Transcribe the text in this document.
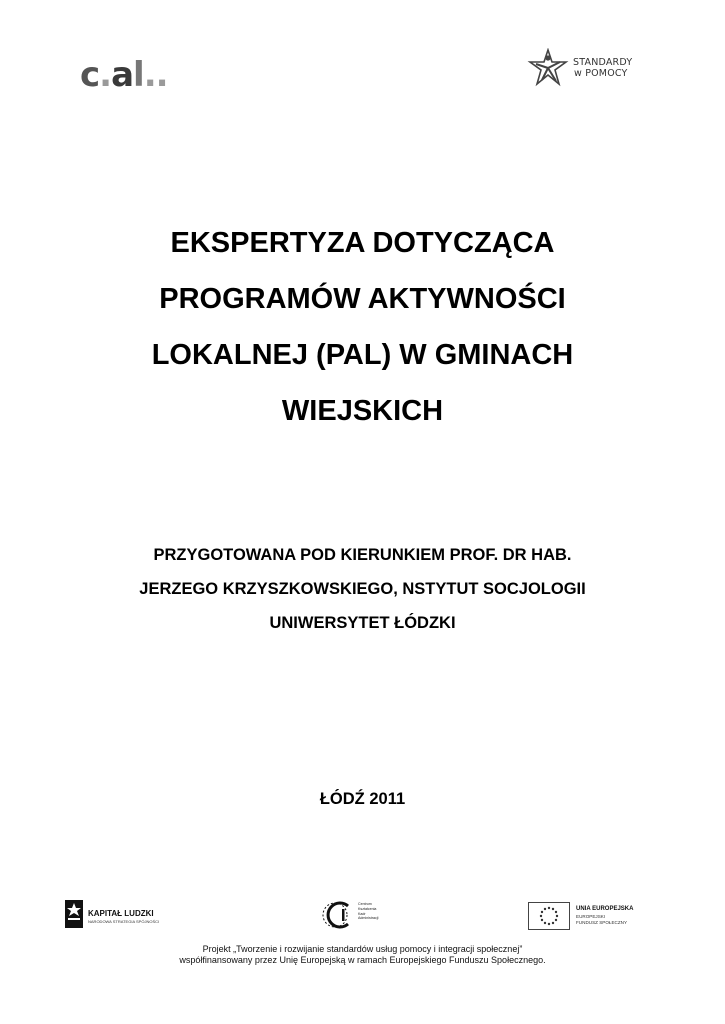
c.al..	STANDARDY

w POMOCY
EKSPERTYZA DOTYCZĄCA
PROGRAMÓW AKTYWNOŚCI
LOKALNEJ (PAL) W GMINACH
WIEJSKICH
PRZYGOTOWANA POD KIERUNKIEM PROF. DR HAB.
JERZEGO KRZYSZKOWSKIEGO, NSTYTUT SOCJOLOGII
UNIWERSYTET ŁÓDZKI
ŁÓDŹ 2011
KAPITAŁ LUDZKI
NARODOWA STRATEGIA SPÓJNOŚCI
Centrum
Kształcenia
Kadr
Administracji
UNIA EUROPEJSKA
EUROPEJSKI
FUNDUSZ SPOŁECZNY
Projekt „Tworzenie i rozwijanie standardów usług pomocy i integracji społecznej”
współfinansowany przez Unię Europejską w ramach Europejskiego Funduszu Społecznego.
